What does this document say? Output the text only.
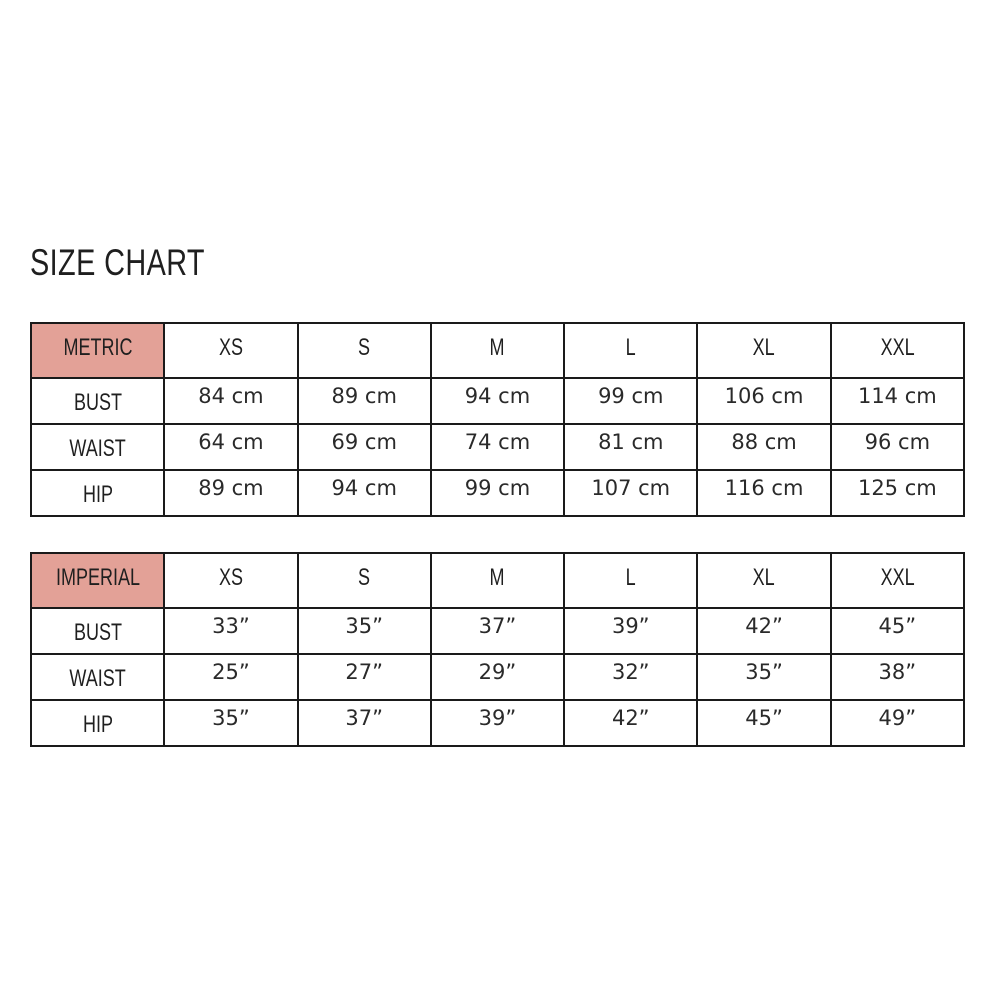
SIZE CHART
METRIC	XS	S	M	L	XL	XXL
BUST	84 cm	89 cm	94 cm	99 cm	106 cm	114 cm
WAIST	64 cm	69 cm	74 cm	81 cm	88 cm	96 cm
HIP	89 cm	94 cm	99 cm	107 cm	116 cm	125 cm
IMPERIAL	XS	S	M	L	XL	XXL
BUST	33”	35”	37”	39”	42”	45”
WAIST	25”	27”	29”	32”	35”	38”
HIP	35”	37”	39”	42”	45”	49”
